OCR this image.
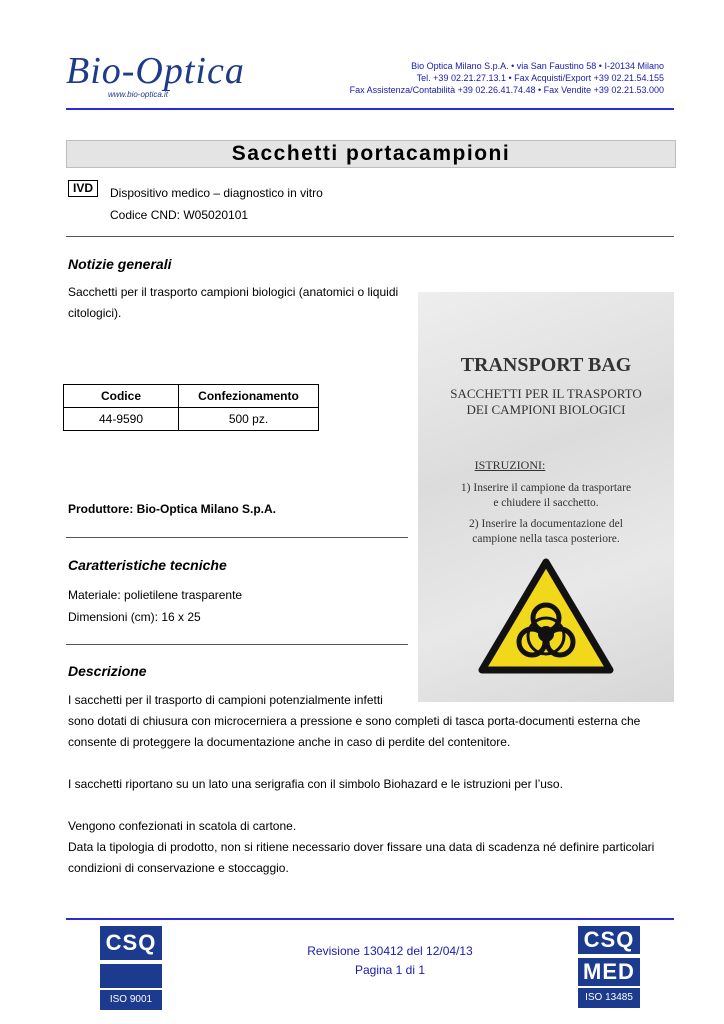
Bio-Optica
www.bio-optica.it
Bio Optica Milano S.p.A. • via San Faustino 58 • I-20134 Milano
Tel. +39 02.21.27.13.1 • Fax Acquisti/Export +39 02.21.54.155
Fax Assistenza/Contabilità +39 02.26.41.74.48 • Fax Vendite +39 02.21.53.000
Sacchetti portacampioni
IVD	Dispositivo medico – diagnostico in vitro
Codice CND: W05020101
Notizie generali
Sacchetti per il trasporto campioni biologici (anatomici o liquidi citologici).
Codice	Confezionamento
44-9590	500 pz.
Produttore: Bio-Optica Milano S.p.A.
Caratteristiche tecniche
Materiale: polietilene trasparente
Dimensioni (cm): 16 x 25
Descrizione
I sacchetti per il trasporto di campioni potenzialmente infetti
sono dotati di chiusura con microcerniera a pressione e sono completi di tasca porta-documenti esterna che
consente di proteggere la documentazione anche in caso di perdite del contenitore.
I sacchetti riportano su un lato una serigrafia con il simbolo Biohazard e le istruzioni per l’uso.
Vengono confezionati in scatola di cartone.
Data la tipologia di prodotto, non si ritiene necessario dover fissare una data di scadenza né definire particolari
condizioni di conservazione e stoccaggio.
TRANSPORT BAG
SACCHETTI PER IL TRASPORTO
DEI CAMPIONI BIOLOGICI
ISTRUZIONI:
1) Inserire il campione da trasportare
e chiudere il sacchetto.
2) Inserire la documentazione del
campione nella tasca posteriore.
CSQ
ISO 9001
Revisione 130412 del 12/04/13
Pagina 1 di 1
CSQ
MED
ISO 13485
